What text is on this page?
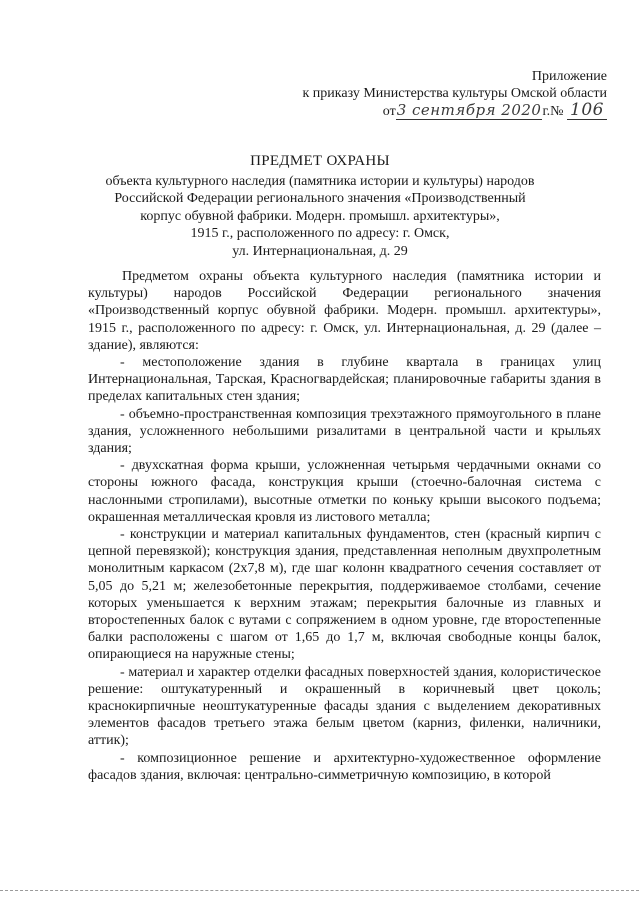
Приложение
к приказу Министерства культуры Омской области
от3 сентября 2020г.№ 106
ПРЕДМЕТ ОХРАНЫ
объекта культурного наследия (памятника истории и культуры) народов
Российской Федерации регионального значения «Производственный
корпус обувной фабрики. Модерн. промышл. архитектуры»,
1915 г., расположенного по адресу: г. Омск,
ул. Интернациональная, д. 29

Предметом охраны объекта культурного наследия (памятника истории и культуры) народов Российской Федерации регионального значения «Производственный корпус обувной фабрики. Модерн. промышл. архитектуры», 1915 г., расположенного по адресу: г. Омск, ул. Интернациональная, д. 29 (далее – здание), являются:

- местоположение здания в глубине квартала в границах улиц Интернациональная, Тарская, Красногвардейская; планировочные габариты здания в пределах капитальных стен здания;

- объемно-пространственная композиция трехэтажного прямоугольного в плане здания, усложненного небольшими ризалитами в центральной части и крыльях здания;

- двухскатная форма крыши, усложненная четырьмя чердачными окнами со стороны южного фасада, конструкция крыши (стоечно-балочная система с наслонными стропилами), высотные отметки по коньку крыши высокого подъема; окрашенная металлическая кровля из листового металла;

- конструкции и материал капитальных фундаментов, стен (красный кирпич с цепной перевязкой); конструкция здания, представленная неполным двухпролетным монолитным каркасом (2х7,8 м), где шаг колонн квадратного сечения составляет от 5,05 до 5,21 м; железобетонные перекрытия, поддерживаемое столбами, сечение которых уменьшается к верхним этажам; перекрытия балочные из главных и второстепенных балок с вутами с сопряжением в одном уровне, где второстепенные балки расположены с шагом от 1,65 до 1,7 м, включая свободные концы балок, опирающиеся на наружные стены;

- материал и характер отделки фасадных поверхностей здания, колористическое решение: оштукатуренный и окрашенный в коричневый цвет цоколь; краснокирпичные неоштукатуренные фасады здания с выделением декоративных элементов фасадов третьего этажа белым цветом (карниз, филенки, наличники, аттик);

- композиционное решение и архитектурно-художественное оформление фасадов здания, включая: центрально-симметричную композицию, в которой
